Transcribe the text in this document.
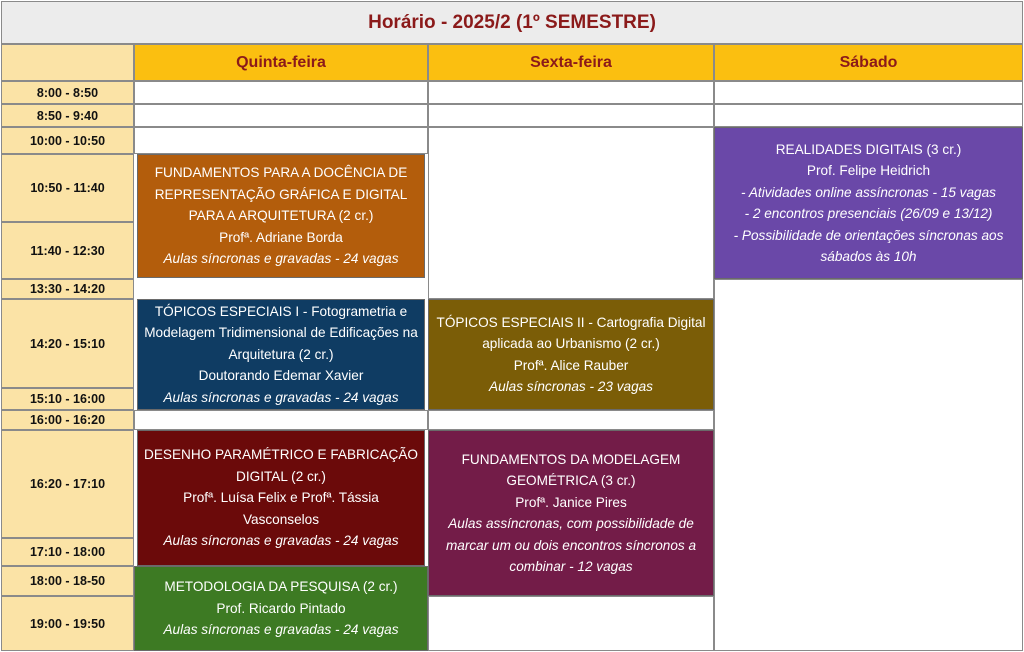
Horário - 2025/2 (1º SEMESTRE)
Quinta-feira	Sexta-feira	Sábado
8:00 - 8:50
8:50 - 9:40
10:00 - 10:50
10:50 - 11:40
11:40 - 12:30
13:30 - 14:20
14:20 - 15:10
15:10 - 16:00
16:00 - 16:20
16:20 - 17:10
17:10 - 18:00
18:00 - 18-50
19:00 - 19:50
FUNDAMENTOS PARA A DOCÊNCIA DE REPRESENTAÇÃO GRÁFICA E DIGITAL PARA A ARQUITETURA (2 cr.)
Profª. Adriane Borda
Aulas síncronas e gravadas - 24 vagas
TÓPICOS ESPECIAIS I - Fotogrametria e Modelagem Tridimensional de Edificações na Arquitetura (2 cr.)
Doutorando Edemar Xavier
Aulas síncronas e gravadas - 24 vagas
DESENHO PARAMÉTRICO E FABRICAÇÃO DIGITAL (2 cr.)
Profª. Luísa Felix e Profª. Tássia Vasconselos
Aulas síncronas e gravadas - 24 vagas
METODOLOGIA DA PESQUISA (2 cr.)
Prof. Ricardo Pintado
Aulas síncronas e gravadas - 24 vagas
TÓPICOS ESPECIAIS II - Cartografia Digital aplicada ao Urbanismo (2 cr.)
Profª. Alice Rauber
Aulas síncronas - 23 vagas
FUNDAMENTOS DA MODELAGEM GEOMÉTRICA (3 cr.)
Profª. Janice Pires
Aulas assíncronas, com possibilidade de marcar um ou dois encontros síncronos a combinar - 12 vagas
REALIDADES DIGITAIS (3 cr.)
Prof. Felipe Heidrich
- Atividades online assíncronas - 15 vagas
- 2 encontros presenciais (26/09 e 13/12)
- Possibilidade de orientações síncronas aos sábados às 10h
